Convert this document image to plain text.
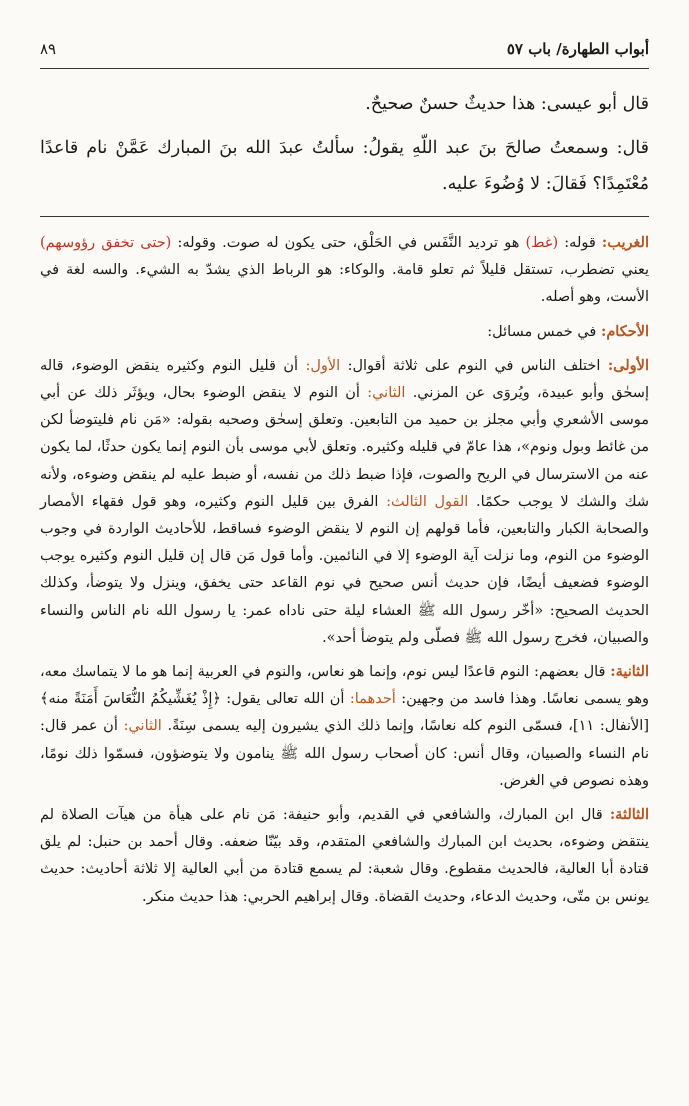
أبواب الطهارة/ باب ٥٧
٨٩

قال أبو عيسى: هذا حديثٌ حسنٌ صحيحٌ.

قال: وسمعتُ صالحَ بنَ عبد اللّهِ يقولُ: سألتُ عبدَ الله بنَ المبارك عَمَّنْ نام قاعدًا مُعْتَمِدًا؟ فَقالَ: لا وُضُوءَ عليه.

الغريب: قوله: (غط) هو ترديد النَّفَس في الحَلْق، حتى يكون له صوت. وقوله: (حتى تخفق رؤوسهم) يعني تضطرب، تستقل قليلاً ثم تعلو قامة. والوكاء: هو الرباط الذي يشدّ به الشيء. والسه لغة في الأست، وهو أصله.

الأحكام: في خمس مسائل:

الأولى: اختلف الناس في النوم على ثلاثة أقوال: الأول: أن قليل النوم وكثيره ينقض الوضوء، قاله إسحٰق وأبو عبيدة، ويُروَى عن المزني. الثاني: أن النوم لا ينقض الوضوء بحال، ويؤثَر ذلك عن أبي موسى الأشعري وأبي مجلز بن حميد من التابعين. وتعلق إسحٰق وصحبه بقوله: «مَن نام فليتوضأ لكن من غائط وبول ونوم»، هذا عامّ في قليله وكثيره. وتعلق لأبي موسى بأن النوم إنما يكون حدثًا، لما يكون عنه من الاسترسال في الريح والصوت، فإذا ضبط ذلك من نفسه، أو ضبط عليه لم ينقض وضوءه، ولأنه شك والشك لا يوجب حكمًا. القول الثالث: الفرق بين قليل النوم وكثيره، وهو قول فقهاء الأمصار والصحابة الكبار والتابعين، فأما قولهم إن النوم لا ينقض الوضوء فساقط، للأحاديث الواردة في وجوب الوضوء من النوم، وما نزلت آية الوضوء إلا في النائمين. وأما قول مَن قال إن قليل النوم وكثيره يوجب الوضوء فضعيف أيضًا، فإن حديث أنس صحيح في نوم القاعد حتى يخفق، وينزل ولا يتوضأ، وكذلك الحديث الصحيح: «أخّر رسول الله ﷺ العشاء ليلة حتى ناداه عمر: يا رسول الله نام الناس والنساء والصبيان، فخرج رسول الله ﷺ فصلّى ولم يتوضأ أحد».

الثانية: قال بعضهم: النوم قاعدًا ليس نوم، وإنما هو نعاس، والنوم في العربية إنما هو ما لا يتماسك معه، وهو يسمى نعاسًا. وهذا فاسد من وجهين: أحدهما: أن الله تعالى يقول: ﴿إِذْ يُغَشِّيكُمُ النُّعَاسَ أَمَنَةً منه﴾ [الأنفال: ١١]، فسمّى النوم كله نعاسًا، وإنما ذلك الذي يشيرون إليه يسمى سِنَةً. الثاني: أن عمر قال: نام النساء والصبيان، وقال أنس: كان أصحاب رسول الله ﷺ ينامون ولا يتوضؤون، فسمّوا ذلك نومًا، وهذه نصوص في الغرض.

الثالثة: قال ابن المبارك، والشافعي في القديم، وأبو حنيفة: مَن نام على هيأة من هيآت الصلاة لم ينتقض وضوءه، بحديث ابن المبارك والشافعي المتقدم، وقد بيّنّا ضعفه. وقال أحمد بن حنبل: لم يلق قتادة أبا العالية، فالحديث مقطوع. وقال شعبة: لم يسمع قتادة من أبي العالية إلا ثلاثة أحاديث: حديث يونس بن متّى، وحديث الدعاء، وحديث القضاة. وقال إبراهيم الحربي: هذا حديث منكر.
